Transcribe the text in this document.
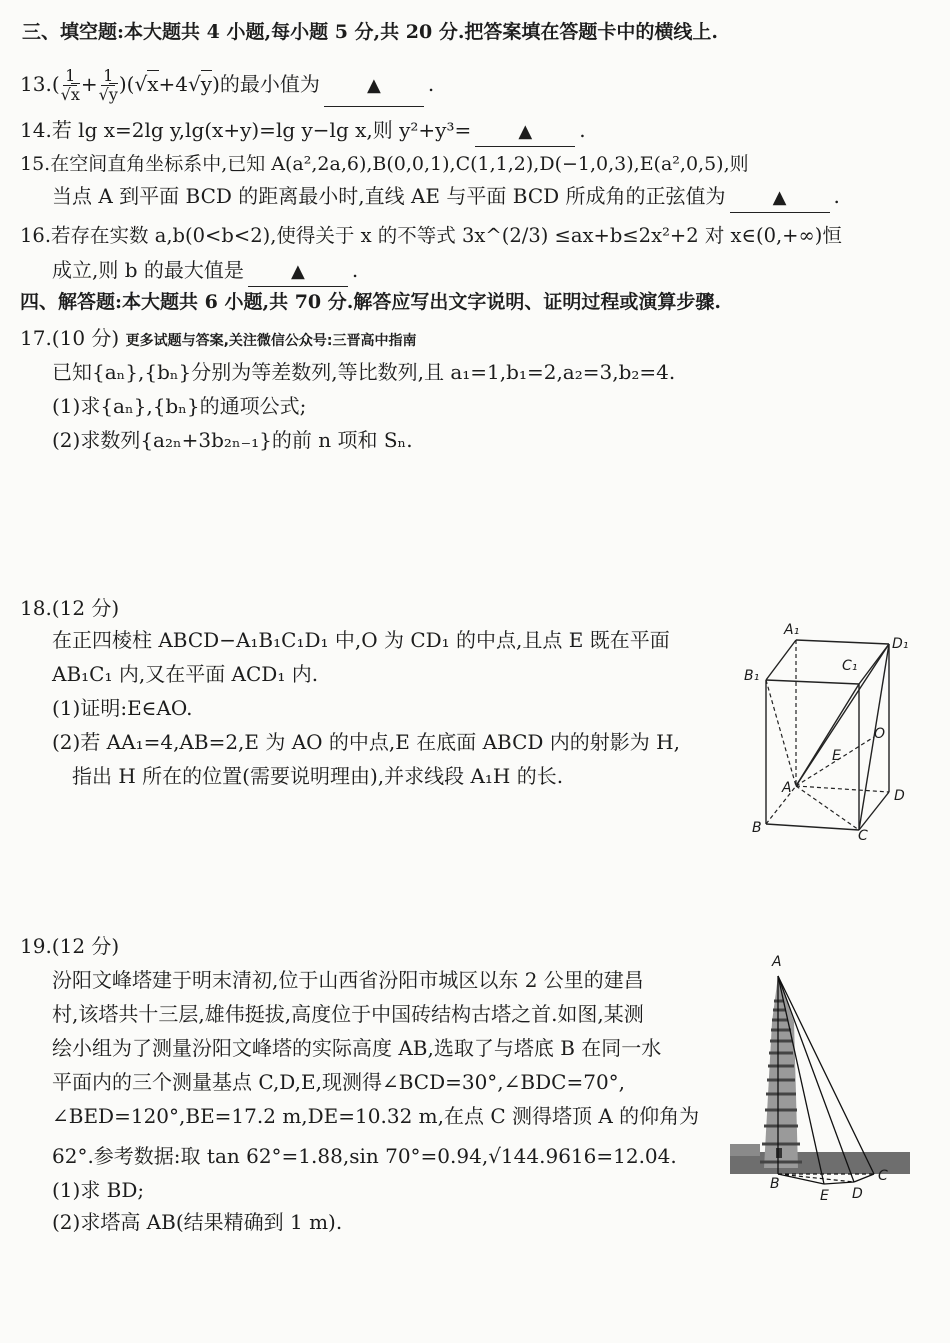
三、填空题:本大题共 4 小题,每小题 5 分,共 20 分.把答案填在答题卡中的横线上.
$13.( \frac{1}{√x} + \frac{1}{√y} )(√x+4√y)$的最小值为	▲ .
14.若 lg x=2lg y,lg(x+y)=lg y−lg x,则 y²+y³=	▲ .
15.在空间直角坐标系中,已知 A(a²,2a,6),B(0,0,1),C(1,1,2),D(−1,0,3),E(a²,0,5),则
当点 A 到平面 BCD 的距离最小时,直线 AE 与平面 BCD 所成角的正弦值为	▲ .
16.若存在实数 a,b(0<b<2),使得关于 x 的不等式 3x^(2/3) ≤ax+b≤2x²+2 对 x∈(0,+∞)恒
成立,则 b 的最大值是	▲ .
四、解答题:本大题共 6 小题,共 70 分.解答应写出文字说明、证明过程或演算步骤.
17.(10 分) 更多试题与答案,关注微信公众号:三晋高中指南
已知{aₙ},{bₙ}分别为等差数列,等比数列,且 a₁=1,b₁=2,a₂=3,b₂=4.
(1)求{aₙ},{bₙ}的通项公式;
(2)求数列{a₂ₙ+3b₂ₙ₋₁}的前 n 项和 Sₙ.
18.(12 分)
在正四棱柱 ABCD−A₁B₁C₁D₁ 中,O 为 CD₁ 的中点,且点 E 既在平面
AB₁C₁ 内,又在平面 ACD₁ 内.
(1)证明:E∈AO.
(2)若 AA₁=4,AB=2,E 为 AO 的中点,E 在底面 ABCD 内的射影为 H,
指出 H 所在的位置(需要说明理由),并求线段 A₁H 的长.
A₁
D₁
B₁
C₁
O
E
A	D
B	C
19.(12 分)
汾阳文峰塔建于明末清初,位于山西省汾阳市城区以东 2 公里的建昌
村,该塔共十三层,雄伟挺拔,高度位于中国砖结构古塔之首.如图,某测
绘小组为了测量汾阳文峰塔的实际高度 AB,选取了与塔底 B 在同一水
平面内的三个测量基点 C,D,E,现测得∠BCD=30°,∠BDC=70°,
∠BED=120°,BE=17.2 m,DE=10.32 m,在点 C 测得塔顶 A 的仰角为
62°.参考数据:取 tan 62°=1.88,sin 70°=0.94,√144.9616=12.04.
(1)求 BD;
(2)求塔高 AB(结果精确到 1 m).
A
B
E D
C
